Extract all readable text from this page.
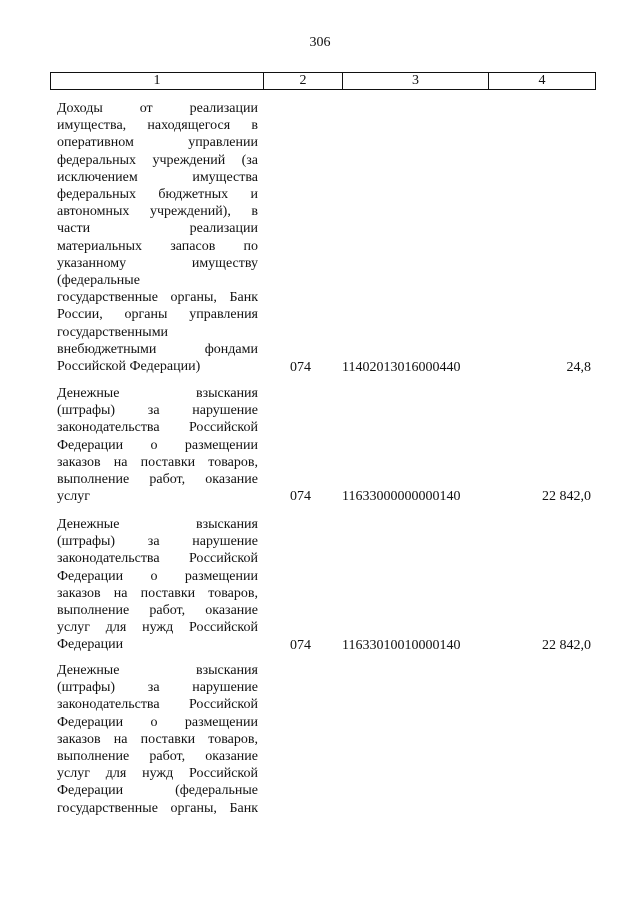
306
1	2	3	4
Доходы от реализации
имущества, находящегося в
оперативном управлении
федеральных учреждений (за
исключением имущества
федеральных бюджетных и
автономных учреждений), в
части реализации
материальных запасов по
указанному имуществу
(федеральные
государственные органы, Банк
России, органы управления
государственными
внебюджетными фондами
Российской Федерации)	074 11402013016000440	24,8
Денежные взыскания
(штрафы) за нарушение
законодательства Российской
Федерации о размещении
заказов на поставки товаров,
выполнение работ, оказание
услуг	074 11633000000000140	22 842,0
Денежные взыскания
(штрафы) за нарушение
законодательства Российской
Федерации о размещении
заказов на поставки товаров,
выполнение работ, оказание
услуг для нужд Российской
Федерации	074 11633010010000140	22 842,0
Денежные взыскания
(штрафы) за нарушение
законодательства Российской
Федерации о размещении
заказов на поставки товаров,
выполнение работ, оказание
услуг для нужд Российской
Федерации (федеральные
государственные органы, Банк
